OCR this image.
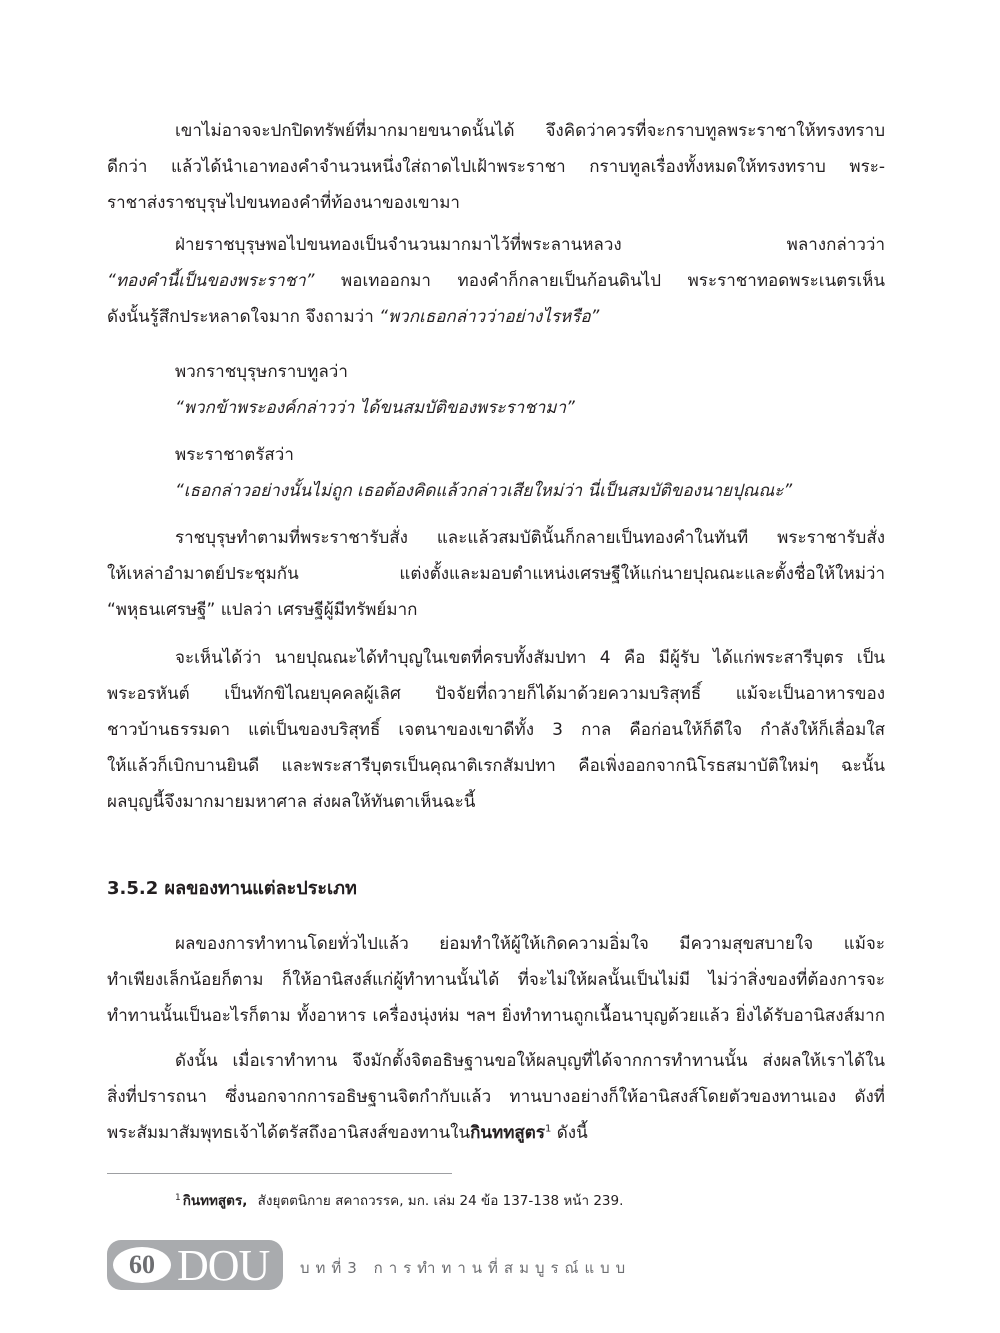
เขาไม่อาจจะปกปิดทรัพย์ที่มากมายขนาดนั้นได้ จึงคิดว่าควรที่จะกราบทูลพระราชาให้ทรงทราบ
ดีกว่า แล้วได้นำเอาทองคำจำนวนหนึ่งใส่ถาดไปเฝ้าพระราชา กราบทูลเรื่องทั้งหมดให้ทรงทราบ พระ-
ราชาส่งราชบุรุษไปขนทองคำที่ท้องนาของเขามา
ฝ่ายราชบุรุษพอไปขนทองเป็นจำนวนมากมาไว้ที่พระลานหลวง พลางกล่าวว่า
“ทองคำนี้เป็นของพระราชา” พอเทออกมา ทองคำก็กลายเป็นก้อนดินไป พระราชาทอดพระเนตรเห็น
ดังนั้นรู้สึกประหลาดใจมาก จึงถามว่า “พวกเธอกล่าวว่าอย่างไรหรือ”
พวกราชบุรุษกราบทูลว่า
“พวกข้าพระองค์กล่าวว่า ได้ขนสมบัติของพระราชามา”
พระราชาตรัสว่า
“เธอกล่าวอย่างนั้นไม่ถูก เธอต้องคิดแล้วกล่าวเสียใหม่ว่า นี่เป็นสมบัติของนายปุณณะ”
ราชบุรุษทำตามที่พระราชารับสั่ง และแล้วสมบัตินั้นก็กลายเป็นทองคำในทันที พระราชารับสั่ง
ให้เหล่าอำมาตย์ประชุมกัน แต่งตั้งและมอบตำแหน่งเศรษฐีให้แก่นายปุณณะและตั้งชื่อให้ใหม่ว่า
“พหุธนเศรษฐี” แปลว่า เศรษฐีผู้มีทรัพย์มาก
จะเห็นได้ว่า นายปุณณะได้ทำบุญในเขตที่ครบทั้งสัมปทา 4 คือ มีผู้รับ ได้แก่พระสารีบุตร เป็น
พระอรหันต์ เป็นทักขิไณยบุคคลผู้เลิศ ปัจจัยที่ถวายก็ได้มาด้วยความบริสุทธิ์ แม้จะเป็นอาหารของ
ชาวบ้านธรรมดา แต่เป็นของบริสุทธิ์ เจตนาของเขาดีทั้ง 3 กาล คือก่อนให้ก็ดีใจ กำลังให้ก็เลื่อมใส
ให้แล้วก็เบิกบานยินดี และพระสารีบุตรเป็นคุณาติเรกสัมปทา คือเพิ่งออกจากนิโรธสมาบัติใหม่ๆ ฉะนั้น
ผลบุญนี้จึงมากมายมหาศาล ส่งผลให้ทันตาเห็นฉะนี้
3.5.2 ผลของทานแต่ละประเภท
ผลของการทำทานโดยทั่วไปแล้ว ย่อมทำให้ผู้ให้เกิดความอิ่มใจ มีความสุขสบายใจ แม้จะ
ทำเพียงเล็กน้อยก็ตาม ก็ให้อานิสงส์แก่ผู้ทำทานนั้นได้ ที่จะไม่ให้ผลนั้นเป็นไม่มี ไม่ว่าสิ่งของที่ต้องการจะ
ทำทานนั้นเป็นอะไรก็ตาม ทั้งอาหาร เครื่องนุ่งห่ม ฯลฯ ยิ่งทำทานถูกเนื้อนาบุญด้วยแล้ว ยิ่งได้รับอานิสงส์มาก
ดังนั้น เมื่อเราทำทาน จึงมักตั้งจิตอธิษฐานขอให้ผลบุญที่ได้จากการทำทานนั้น ส่งผลให้เราได้ใน
สิ่งที่ปรารถนา ซึ่งนอกจากการอธิษฐานจิตกำกับแล้ว ทานบางอย่างก็ให้อานิสงส์โดยตัวของทานเอง ดังที่
พระสัมมาสัมพุทธเจ้าได้ตรัสถึงอานิสงส์ของทานในกินททสูตร$^1$ ดังนี้
$^1$ กินททสูตร, สังยุตตนิกาย สคาถวรรค, มก. เล่ม 24 ข้อ 137-138 หน้า 239.
60 DOU บทที่3 การทำทานที่สมบูรณ์แบบ
